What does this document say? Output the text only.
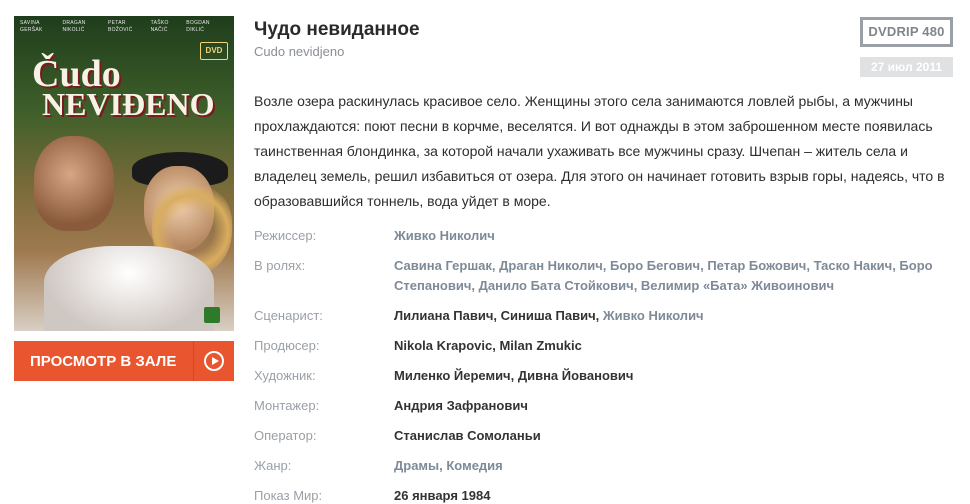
SAVINA GERŠAK
DRAGAN NIKOLIĆ
PETAR BOŽOVIĆ
TAŠKO NAČIĆ
BOGDAN DIKLIĆ
DVD
Čudo
NEVIĐENO
ПРОСМОТР В ЗАЛЕ
Чудо невиданное
Cudo nevidjeno
DVDRIP 480
27 июл 2011
Возле озера раскинулась красивое село. Женщины этого села занимаются ловлей рыбы, а мужчины прохлаждаются: поют песни в корчме, веселятся. И вот однажды в этом заброшенном месте появилась таинственная блондинка, за которой начали ухаживать все мужчины сразу. Шчепан – житель села и владелец земель, решил избавиться от озера. Для этого он начинает готовить взрыв горы, надеясь, что в образовавшийся тоннель, вода уйдет в море.
Режиссер:	Живко Николич
В ролях:	Савина Гершак, Драган Николич, Боро Бегович, Петар Божович, Таско Накич, Боро Степанович, Данило Бата Стойкович, Велимир «Бата» Живоинович
Сценарист:	Лилиана Павич, Синиша Павич, Живко Николич
Продюсер:	Nikola Krapovic, Milan Zmukic
Художник:	Миленко Йеремич, Дивна Йованович
Монтажер:	Андрия Зафранович
Оператор:	Станислав Сомоланьи
Жанр:	Драмы, Комедия
Показ Мир:	26 января 1984
